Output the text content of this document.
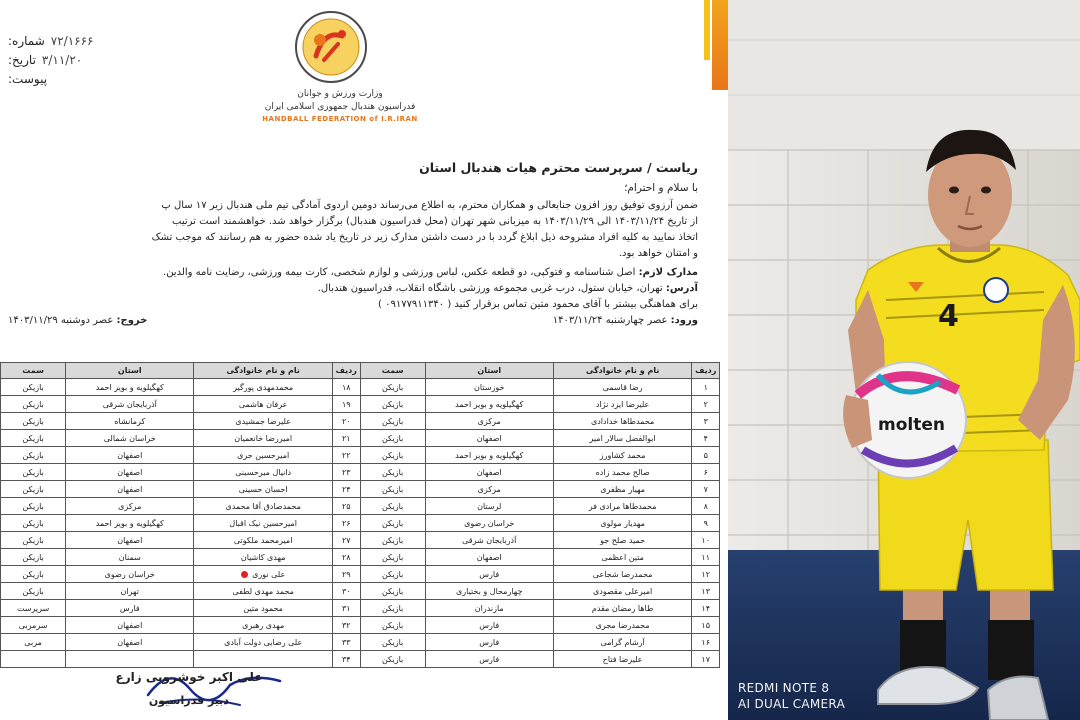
۷۲/۱۶۶۶
شماره:
۳/۱۱/۲۰
تاریخ:
پیوست:
وزارت ورزش و جوانان
فدراسیون هندبال جمهوری اسلامی ایران
HANDBALL FEDERATION of I.R.IRAN
ریاست / سرپرست محترم هیات هندبال استان
با سلام و احترام؛
ضمن آرزوی توفیق روز افزون جنابعالی و همکاران محترم، به اطلاع می‌رساند دومین اردوی آمادگی تیم ملی هندبال زیر ۱۷ سال پ
از تاریخ ۱۴۰۳/۱۱/۲۴ الی ۱۴۰۳/۱۱/۲۹ به میزبانی شهر تهران (محل فدراسیون هندبال) برگزار خواهد شد. خواهشمند است ترتیب
اتخاذ نمایید به کلیه افراد مشروحه ذیل ابلاغ گردد با در دست داشتن مدارک زیر در تاریخ یاد شده حضور به هم رسانند که موجب تشک
و امتنان خواهد بود.
مدارک لازم: اصل شناسنامه و فتوکپی، دو قطعه عکس، لباس ورزشی و لوازم شخصی، کارت بیمه ورزشی، رضایت نامه والدین.
آدرس: تهران، خیابان ستول، درب غربی مجموعه ورزشی باشگاه انقلاب، فدراسیون هندبال.
برای هماهنگی بیشتر با آقای محمود متین تماس برقرار کنید ( ۰۹۱۷۷۹۱۱۳۴۰ )
ورود: عصر چهارشنبه ۱۴۰۳/۱۱/۲۴
خروج: عصر دوشنبه ۱۴۰۳/۱۱/۲۹
ردیف	نام و نام خانوادگی	استان	سمت	ردیف	نام و نام خانوادگی	استان	سمت
۱	رضا قاسمی	خوزستان	بازیکن	۱۸	محمدمهدی پورگیر	کهگیلویه و بویر احمد	بازیکن
۲	علیرضا ایزد نژاد	کهگیلویه و بویر احمد	بازیکن	۱۹	عرفان هاشمی	آذربایجان شرقی	بازیکن
۳	محمدطاها خدادادی	مرکزی	بازیکن	۲۰	علیرضا جمشیدی	کرمانشاه	بازیکن
۴	ابوالفضل سالار امیر	اصفهان	بازیکن	۲۱	امیررضا خانعمیان	خراسان شمالی	بازیکن
۵	محمد کشاورز	کهگیلویه و بویر احمد	بازیکن	۲۲	امیرحسین حری	اصفهان	بازیکن
۶	صالح محمد زاده	اصفهان	بازیکن	۲۳	دانیال میرحسینی	اصفهان	بازیکن
۷	مهیار مظفری	مرکزی	بازیکن	۲۴	احسان حسینی	اصفهان	بازیکن
۸	محمدطاها مرادی فر	لرستان	بازیکن	۲۵	محمدصادق آقا محمدی	مرکزی	بازیکن
۹	مهدیار مولوی	خراسان رضوی	بازیکن	۲۶	امیرحسین نیک اقبال	کهگیلویه و بویر احمد	بازیکن
۱۰	حمید صلح جو	آذربایجان شرقی	بازیکن	۲۷	امیرمحمد ملکوتی	اصفهان	بازیکن
۱۱	متین اعظمی	اصفهان	بازیکن	۲۸	مهدی کاشیان	سمنان	بازیکن
۱۲	محمدرضا شجاعی	فارس	بازیکن	۲۹	علی نوری	خراسان رضوی	بازیکن
۱۳	امیرعلی مقصودی	چهارمحال و بختیاری	بازیکن	۳۰	محمد مهدی لطفی	تهران	بازیکن
۱۴	طاها رمضان مقدم	مازندران	بازیکن	۳۱	محمود متین	فارس	سرپرست
۱۵	محمدرضا مجری	فارس	بازیکن	۳۲	مهدی رهبری	اصفهان	سرمربی
۱۶	آرشام گرامی	فارس	بازیکن	۳۳	علی رضایی دولت آبادی	اصفهان	مربی
۱۷	علیرضا فتاح	فارس	بازیکن	۳۴			
علی اکبر خوشرویی زارع
دبیر فدراسیون
4
molten
REDMI NOTE 8
AI DUAL CAMERA
